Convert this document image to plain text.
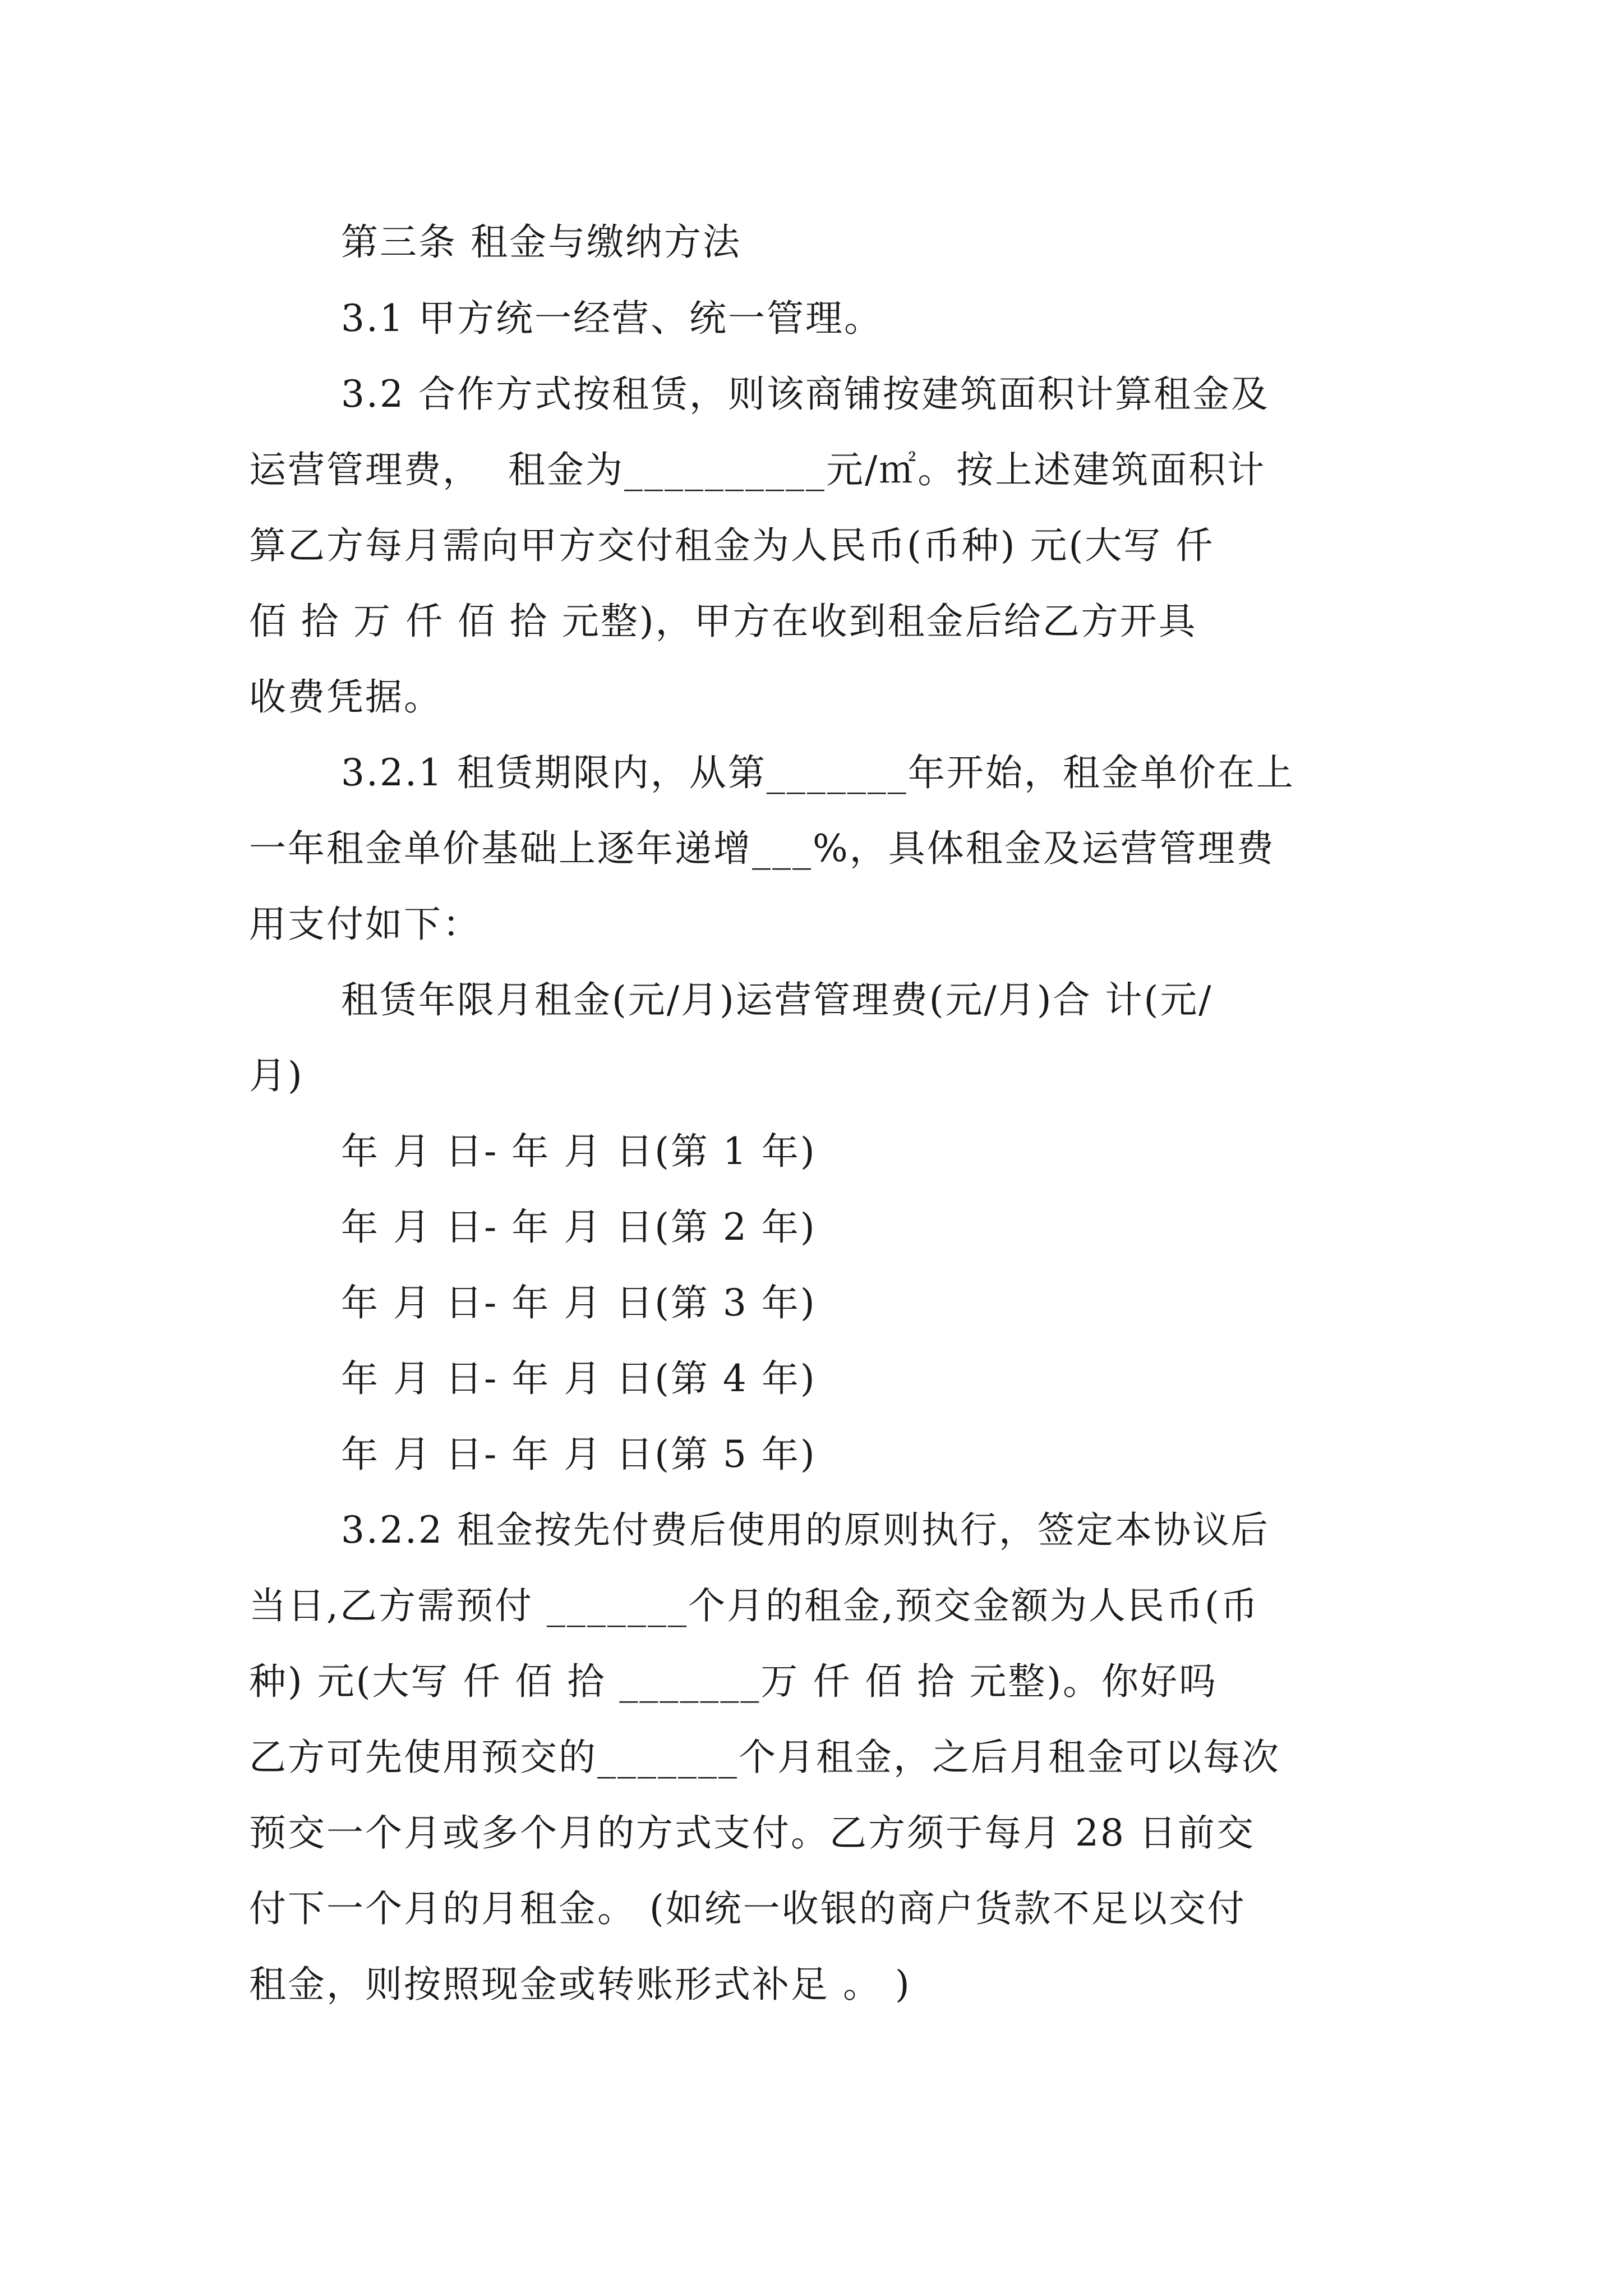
第三条 租金与缴纳方法
3.1 甲方统一经营、统一管理。
3.2 合作方式按租赁，则该商铺按建筑面积计算租金及
运营管理费，  租金为__________元/㎡。按上述建筑面积计
算乙方每月需向甲方交付租金为人民币(币种) 元(大写 仟
佰 拾 万 仟 佰 拾 元整)，甲方在收到租金后给乙方开具
收费凭据。
3.2.1 租赁期限内，从第_______年开始，租金单价在上
一年租金单价基础上逐年递增___%，具体租金及运营管理费
用支付如下：
租赁年限月租金(元/月)运营管理费(元/月)合 计(元/
月)
年 月 日- 年 月 日(第 1 年)
年 月 日- 年 月 日(第 2 年)
年 月 日- 年 月 日(第 3 年)
年 月 日- 年 月 日(第 4 年)
年 月 日- 年 月 日(第 5 年)
3.2.2 租金按先付费后使用的原则执行，签定本协议后
当日,乙方需预付 _______个月的租金,预交金额为人民币(币
种) 元(大写 仟 佰 拾 _______万 仟 佰 拾 元整)。你好吗
乙方可先使用预交的_______个月租金，之后月租金可以每次
预交一个月或多个月的方式支付。乙方须于每月 28 日前交
付下一个月的月租金。 (如统一收银的商户货款不足以交付
租金，则按照现金或转账形式补足 。 )
